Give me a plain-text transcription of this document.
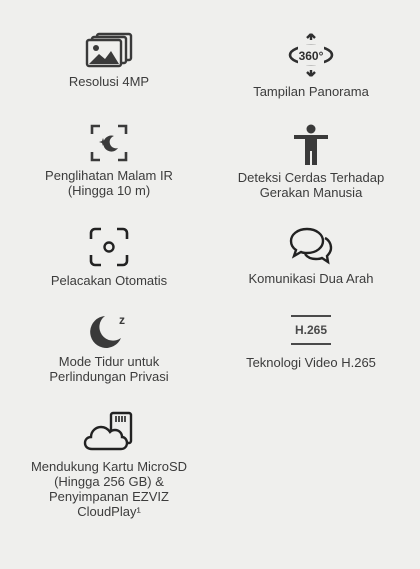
Resolusi 4MP
360°
Tampilan Panorama
Penglihatan Malam IR
(Hingga 10 m)
Deteksi Cerdas Terhadap
Gerakan Manusia
Pelacakan Otomatis	Komunikasi Dua Arah
z
Mode Tidur untuk
Perlindungan Privasi
H.265
Teknologi Video H.265
Mendukung Kartu MicroSD
(Hingga 256 GB) &
Penyimpanan EZVIZ
CloudPlay¹
